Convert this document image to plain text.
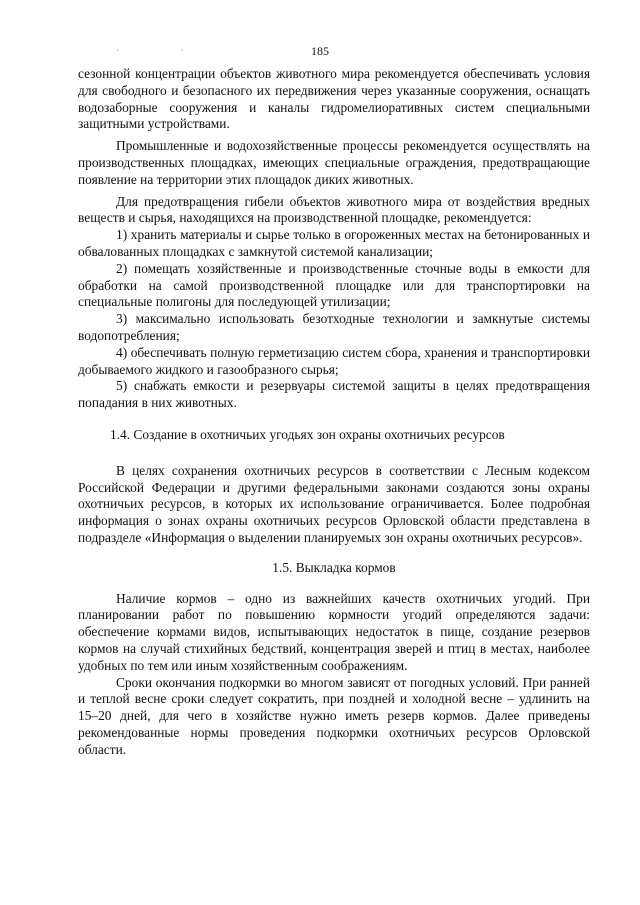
· ·	185

сезонной концентрации объектов животного мира рекомендуется обеспечивать условия для свободного и безопасного их передвижения через указанные сооружения, оснащать водозаборные сооружения и каналы гидромелиоративных систем специальными защитными устройствами.

Промышленные и водохозяйственные процессы рекомендуется осуществлять на производственных площадках, имеющих специальные ограждения, предотвращающие появление на территории этих площадок диких животных.

Для предотвращения гибели объектов животного мира от воздействия вредных веществ и сырья, находящихся на производственной площадке, рекомендуется:

1) хранить материалы и сырье только в огороженных местах на бетонированных и обвалованных площадках с замкнутой системой канализации;

2) помещать хозяйственные и производственные сточные воды в емкости для обработки на самой производственной площадке или для транспортировки на специальные полигоны для последующей утилизации;

3) максимально использовать безотходные технологии и замкнутые системы водопотребления;

4) обеспечивать полную герметизацию систем сбора, хранения и транспортировки добываемого жидкого и газообразного сырья;

5) снабжать емкости и резервуары системой защиты в целях предотвращения попадания в них животных.

1.4. Создание в охотничьих угодьях зон охраны охотничьих ресурсов

В целях сохранения охотничьих ресурсов в соответствии с Лесным кодексом Российской Федерации и другими федеральными законами создаются зоны охраны охотничьих ресурсов, в которых их использование ограничивается. Более подробная информация о зонах охраны охотничьих ресурсов Орловской области представлена в подразделе «Информация о выделении планируемых зон охраны охотничьих ресурсов».

1.5. Выкладка кормов

Наличие кормов – одно из важнейших качеств охотничьих угодий. При планировании работ по повышению кормности угодий определяются задачи: обеспечение кормами видов, испытывающих недостаток в пище, создание резервов кормов на случай стихийных бедствий, концентрация зверей и птиц в местах, наиболее удобных по тем или иным хозяйственным соображениям.

Сроки окончания подкормки во многом зависят от погодных условий. При ранней и теплой весне сроки следует сократить, при поздней и холодной весне – удлинить на 15–20 дней, для чего в хозяйстве нужно иметь резерв кормов. Далее приведены рекомендованные нормы проведения подкормки охотничьих ресурсов Орловской области.
